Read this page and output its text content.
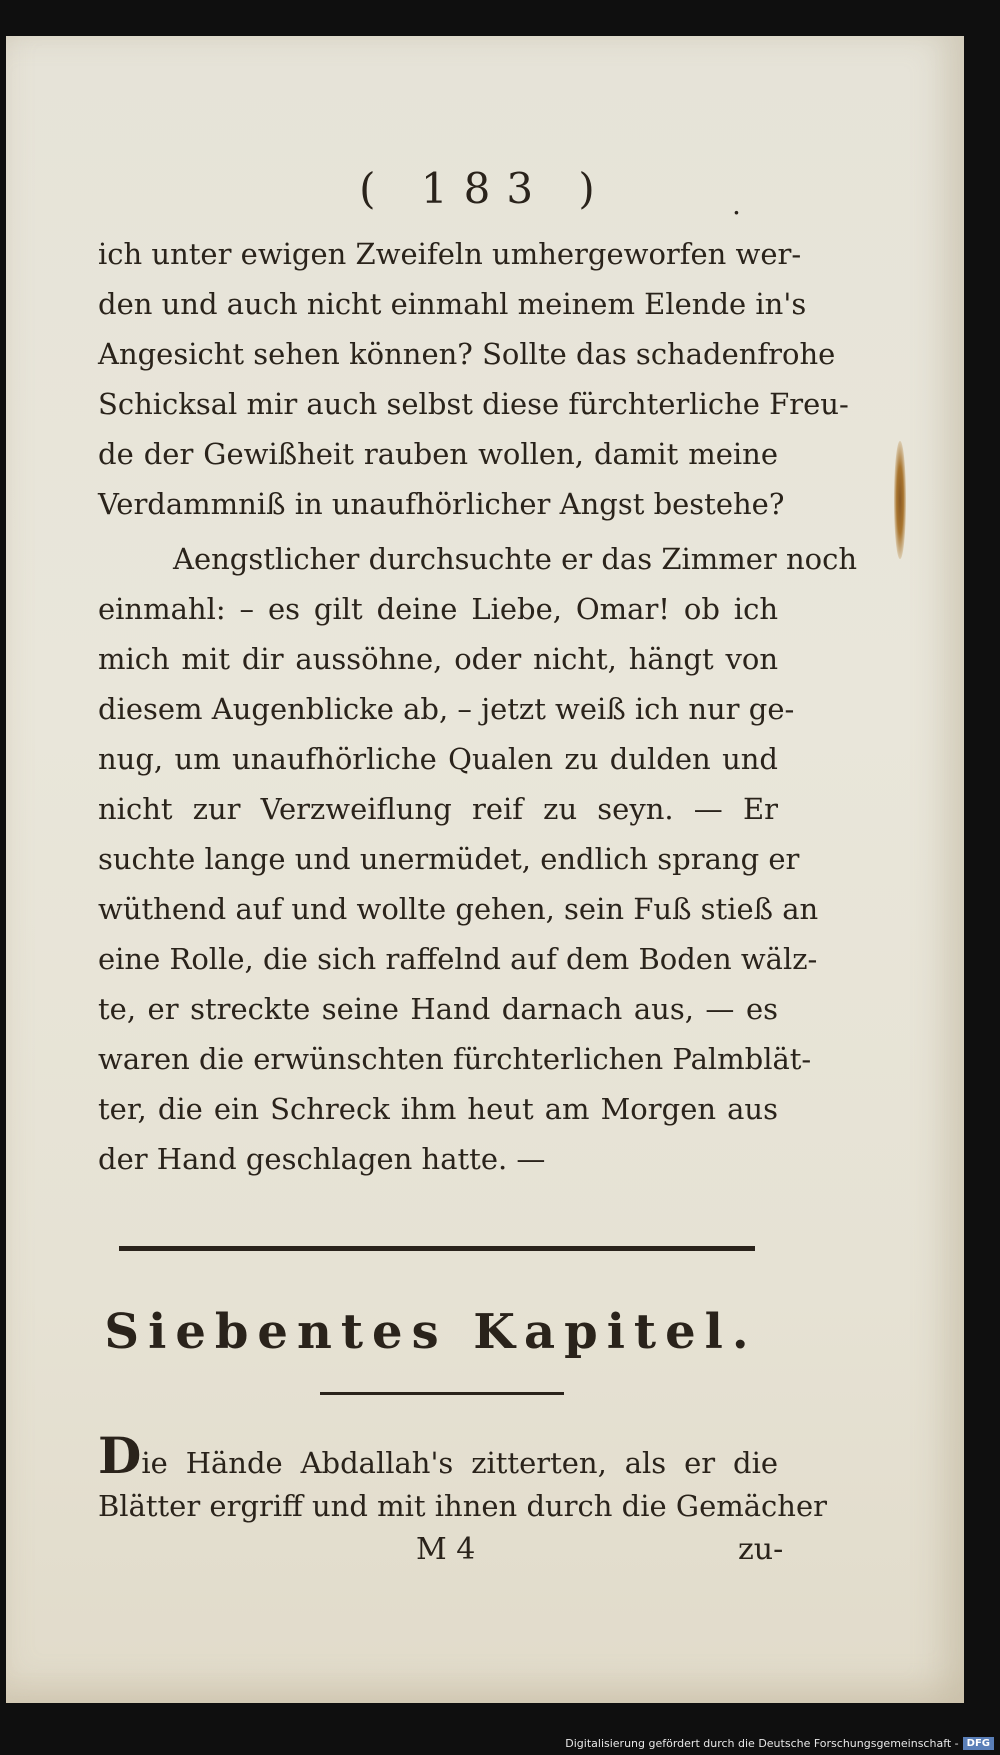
( 183 )	.
ich unter ewigen Zweifeln umhergeworfen wer-
den und auch nicht einmahl meinem Elende in's
Angesicht sehen können? Sollte das schadenfrohe
Schicksal mir auch selbst diese fürchterliche Freu-
de der Gewißheit rauben wollen, damit meine
Verdammniß in unaufhörlicher Angst bestehe?
Aengstlicher durchsuchte er das Zimmer noch
einmahl: – es gilt deine Liebe, Omar! ob ich
mich mit dir aussöhne, oder nicht, hängt von
diesem Augenblicke ab, – jetzt weiß ich nur ge-
nug, um unaufhörliche Qualen zu dulden und
nicht zur Verzweiflung reif zu seyn. — Er
suchte lange und unermüdet, endlich sprang er
wüthend auf und wollte gehen, sein Fuß stieß an
eine Rolle, die sich raffelnd auf dem Boden wälz-
te, er streckte seine Hand darnach aus, — es
waren die erwünschten fürchterlichen Palmblät-
ter, die ein Schreck ihm heut am Morgen aus
der Hand geschlagen hatte. —
Siebentes Kapitel.
Die Hände Abdallah's zitterten, als er die
Blätter ergriff und mit ihnen durch die Gemächer
M 4	zu-
Digitalisierung gefördert durch die Deutsche Forschungsgemeinschaft - DFG
